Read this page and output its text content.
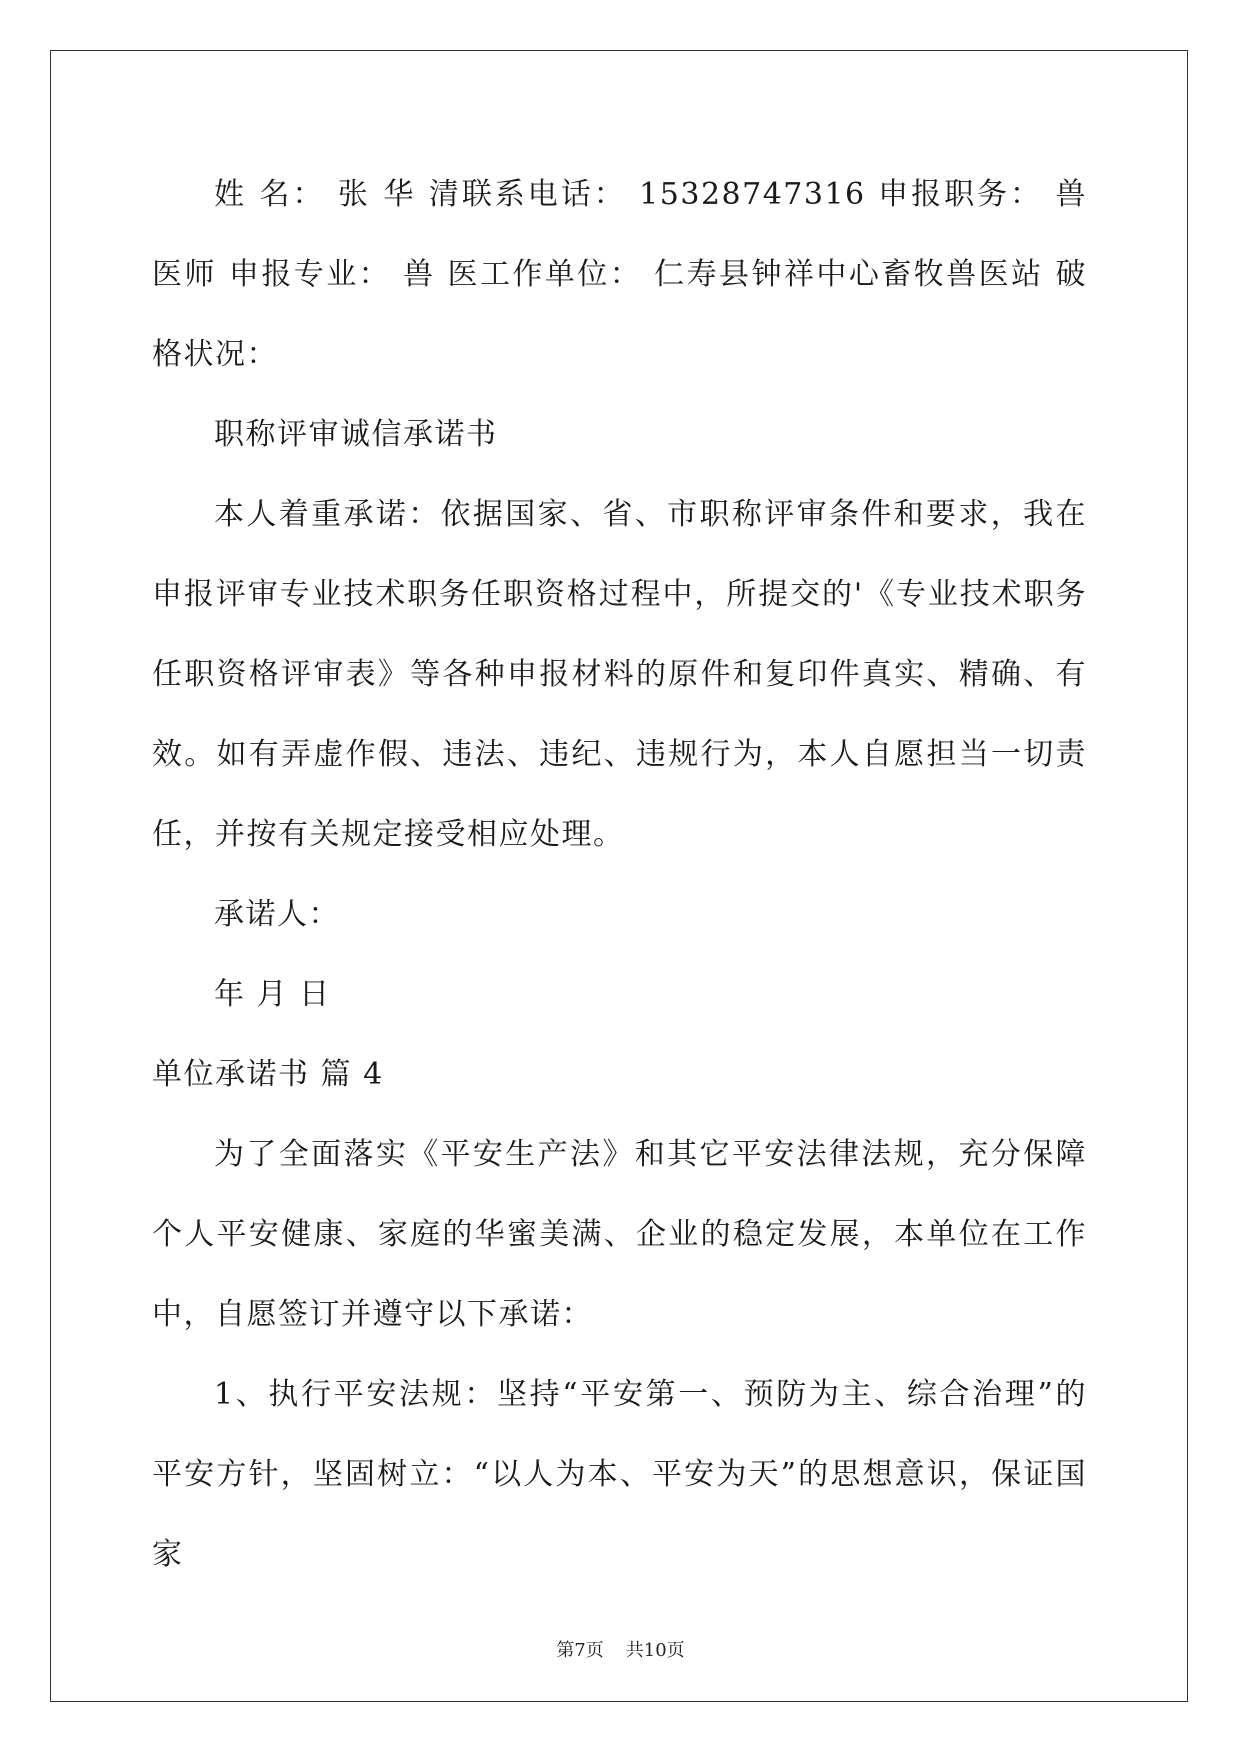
姓 名： 张 华 清联系电话： 15328747316 申报职务： 兽 医师 申报专业： 兽 医工作单位： 仁寿县钟祥中心畜牧兽医站 破格状况：

职称评审诚信承诺书

本人着重承诺：依据国家、省、市职称评审条件和要求，我在申报评审专业技术职务任职资格过程中，所提交的'《专业技术职务任职资格评审表》等各种申报材料的原件和复印件真实、精确、有效。如有弄虚作假、违法、违纪、违规行为，本人自愿担当一切责任，并按有关规定接受相应处理。

承诺人：

年 月 日

单位承诺书 篇 4

为了全面落实《平安生产法》和其它平安法律法规，充分保障个人平安健康、家庭的华蜜美满、企业的稳定发展，本单位在工作中，自愿签订并遵守以下承诺：

1、执行平安法规：坚持“平安第一、预防为主、综合治理”的平安方针，坚固树立：“以人为本、平安为天”的思想意识，保证国家

第7页 共10页
